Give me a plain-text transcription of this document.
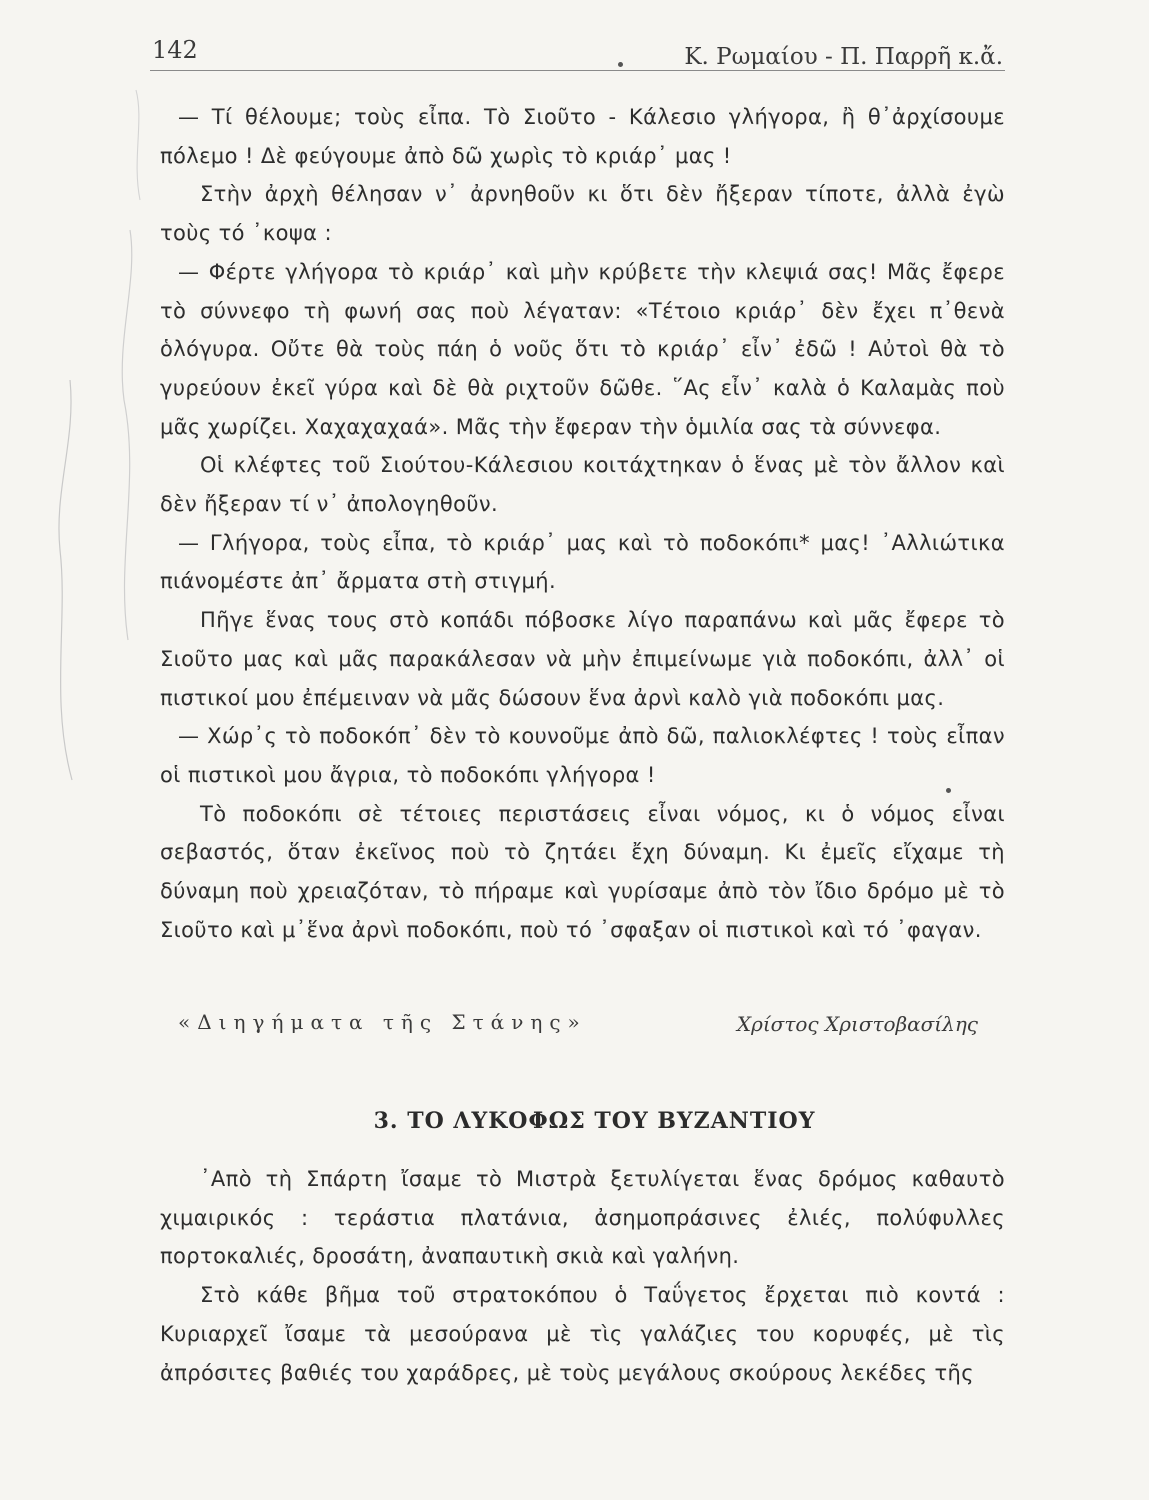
142	Κ. Ρωμαίου - Π. Παρρῆ κ.ἄ.

— Τί θέλουμε; τοὺς εἶπα. Τὸ Σιοῦτο - Κάλεσιο γλήγορα, ἢ θ᾽ἀρχίσουμε πόλεμο ! Δὲ φεύγουμε ἀπὸ δῶ χωρὶς τὸ κριάρ᾽ μας !

Στὴν ἀρχὴ θέλησαν ν᾽ ἀρνηθοῦν κι ὅτι δὲν ἤξεραν τίποτε, ἀλλὰ ἐγὼ τοὺς τό ᾽κοψα :

— Φέρτε γλήγορα τὸ κριάρ᾽ καὶ μὴν κρύβετε τὴν κλεψιά σας! Μᾶς ἔφερε τὸ σύννεφο τὴ φωνή σας ποὺ λέγαταν: «Τέτοιο κριάρ᾽ δὲν ἔχει π᾽θενὰ ὁλόγυρα. Οὔτε θὰ τοὺς πάη ὁ νοῦς ὅτι τὸ κριάρ᾽ εἶν᾽ ἐδῶ ! Αὐτοὶ θὰ τὸ γυρεύουν ἐκεῖ γύρα καὶ δὲ θὰ ριχτοῦν δῶθε. ῞Ας εἶν᾽ καλὰ ὁ Καλαμὰς ποὺ μᾶς χωρίζει. Χαχαχαχαά». Μᾶς τὴν ἔφεραν τὴν ὁμιλία σας τὰ σύννεφα.

Οἱ κλέφτες τοῦ Σιούτου-Κάλεσιου κοιτάχτηκαν ὁ ἕνας μὲ τὸν ἄλλον καὶ δὲν ἤξεραν τί ν᾽ ἀπολογηθοῦν.

— Γλήγορα, τοὺς εἶπα, τὸ κριάρ᾽ μας καὶ τὸ ποδοκόπι* μας! ᾽Αλλιώτικα πιάνομέστε ἀπ᾽ ἄρματα στὴ στιγμή.

Πῆγε ἕνας τους στὸ κοπάδι πόβοσκε λίγο παραπάνω καὶ μᾶς ἔφερε τὸ Σιοῦτο μας καὶ μᾶς παρακάλεσαν νὰ μὴν ἐπιμείνωμε γιὰ ποδοκόπι, ἀλλ᾽ οἱ πιστικοί μου ἐπέμειναν νὰ μᾶς δώσουν ἕνα ἀρνὶ καλὸ γιὰ ποδοκόπι μας.

— Χώρ᾽ς τὸ ποδοκόπ᾽ δὲν τὸ κουνοῦμε ἀπὸ δῶ, παλιοκλέφτες ! τοὺς εἶπαν οἱ πιστικοὶ μου ἄγρια, τὸ ποδοκόπι γλήγορα !

Τὸ ποδοκόπι σὲ τέτοιες περιστάσεις εἶναι νόμος, κι ὁ νόμος εἶναι σεβαστός, ὅταν ἐκεῖνος ποὺ τὸ ζητάει ἔχη δύναμη. Κι ἐμεῖς εἴχαμε τὴ δύναμη ποὺ χρειαζόταν, τὸ πήραμε καὶ γυρίσαμε ἀπὸ τὸν ἴδιο δρόμο μὲ τὸ Σιοῦτο καὶ μ᾽ἕνα ἀρνὶ ποδοκόπι, ποὺ τό ᾽σφαξαν οἱ πιστικοὶ καὶ τό ᾽φαγαν.

«Διηγήματα τῆς Στάνης»	Χρίστος Χριστοβασίλης
3. ΤΟ ΛΥΚΟΦΩΣ ΤΟΥ ΒΥΖΑΝΤΙΟΥ

᾽Απὸ τὴ Σπάρτη ἴσαμε τὸ Μιστρὰ ξετυλίγεται ἕνας δρόμος καθαυτὸ χιμαιρικός : τεράστια πλατάνια, ἀσημοπράσινες ἐλιές, πολύφυλλες πορτοκαλιές, δροσάτη, ἀναπαυτικὴ σκιὰ καὶ γαλήνη.

Στὸ κάθε βῆμα τοῦ στρατοκόπου ὁ Ταΰγετος ἔρχεται πιὸ κοντά : Κυριαρχεῖ ἴσαμε τὰ μεσούρανα μὲ τὶς γαλάζιες του κορυφές, μὲ τὶς ἀπρόσιτες βαθιές του χαράδρες, μὲ τοὺς μεγάλους σκούρους λεκέδες τῆς
